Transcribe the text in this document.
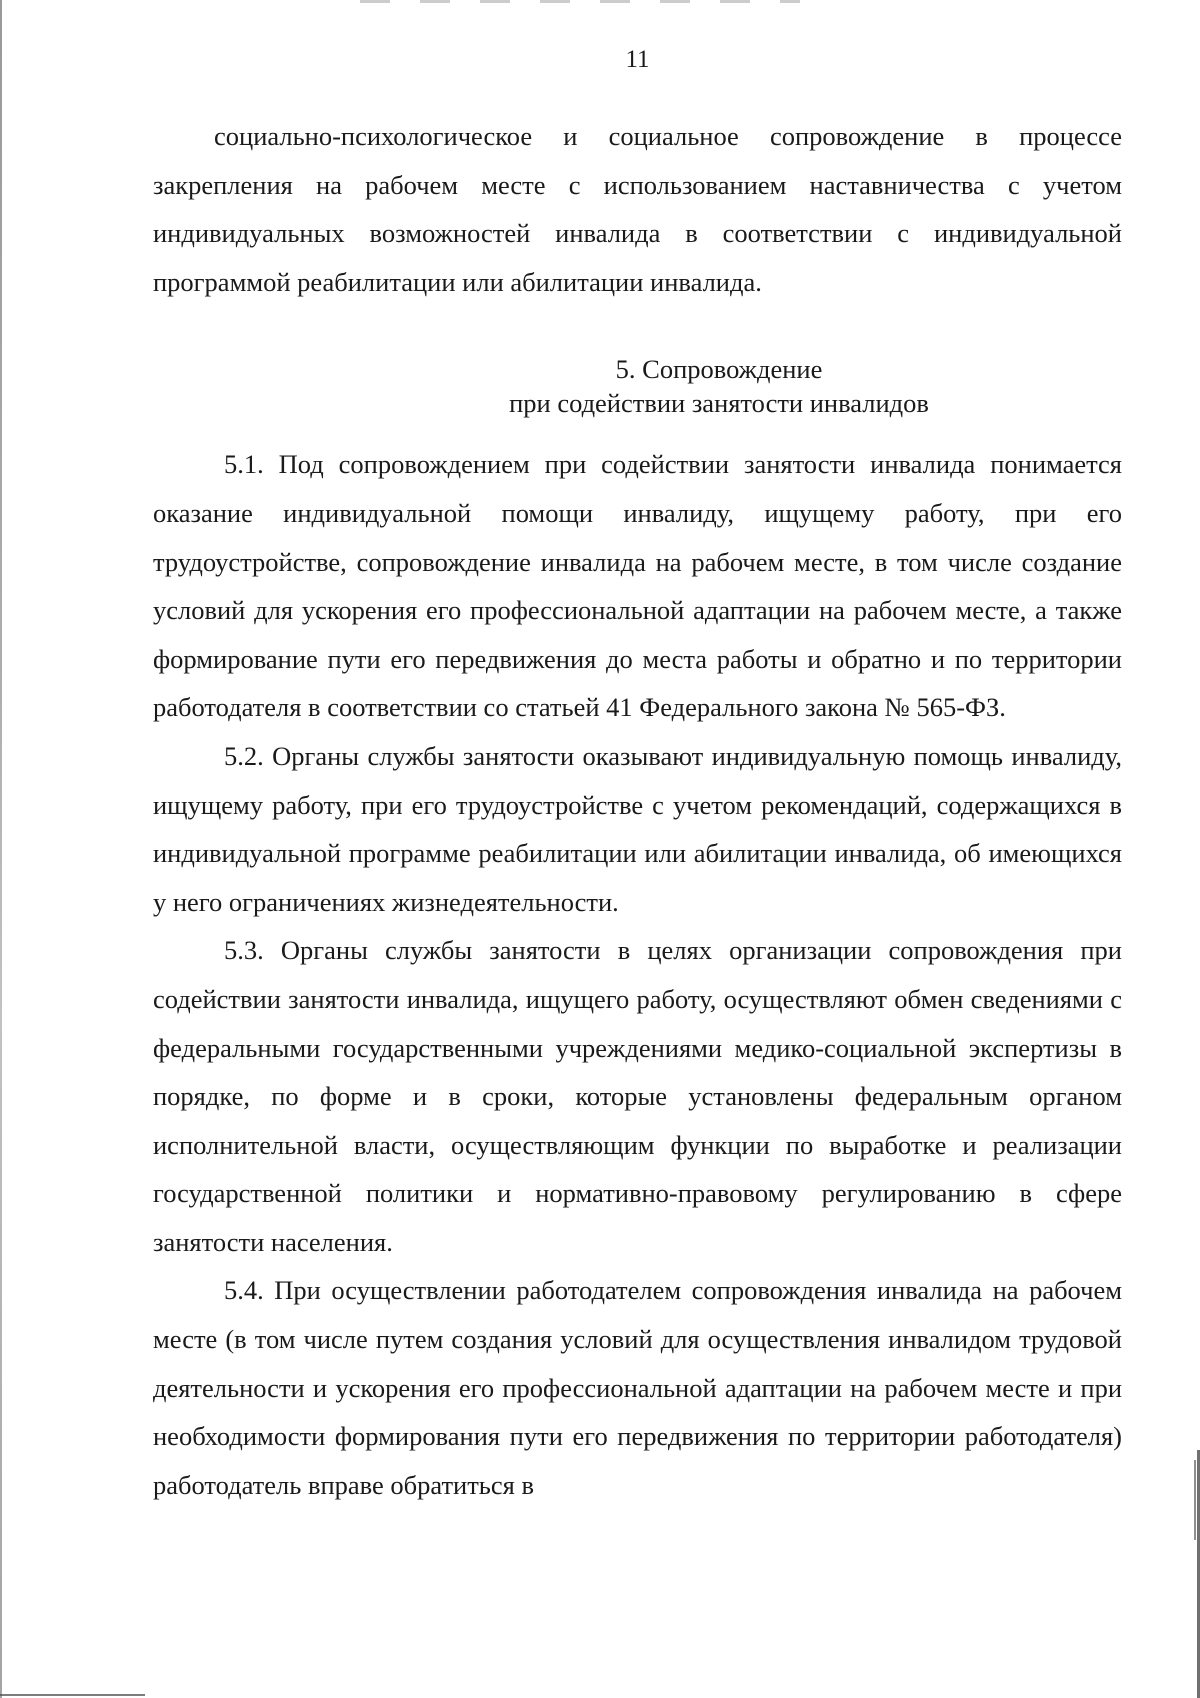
11

социально-психологическое и социальное сопровождение в процессе закрепления на рабочем месте с использованием наставничества с учетом индивидуальных возможностей инвалида в соответствии с индивидуальной программой реабилитации или абилитации инвалида.

5. Сопровождение
при содействии занятости инвалидов

5.1. Под сопровождением при содействии занятости инвалида понимается оказание индивидуальной помощи инвалиду, ищущему работу, при его трудоустройстве, сопровождение инвалида на рабочем месте, в том числе создание условий для ускорения его профессиональной адаптации на рабочем месте, а также формирование пути его передвижения до места работы и обратно и по территории работодателя в соответствии со статьей 41 Федерального закона № 565-ФЗ.

5.2. Органы службы занятости оказывают индивидуальную помощь инвалиду, ищущему работу, при его трудоустройстве с учетом рекомендаций, содержащихся в индивидуальной программе реабилитации или абилитации инвалида, об имеющихся у него ограничениях жизнедеятельности.

5.3. Органы службы занятости в целях организации сопровождения при содействии занятости инвалида, ищущего работу, осуществляют обмен сведениями с федеральными государственными учреждениями медико-социальной экспертизы в порядке, по форме и в сроки, которые установлены федеральным органом исполнительной власти, осуществляющим функции по выработке и реализации государственной политики и нормативно-правовому регулированию в сфере занятости населения.

5.4. При осуществлении работодателем сопровождения инвалида на рабочем месте (в том числе путем создания условий для осуществления инвалидом трудовой деятельности и ускорения его профессиональной адаптации на рабочем месте и при необходимости формирования пути его передвижения по территории работодателя) работодатель вправе обратиться в
